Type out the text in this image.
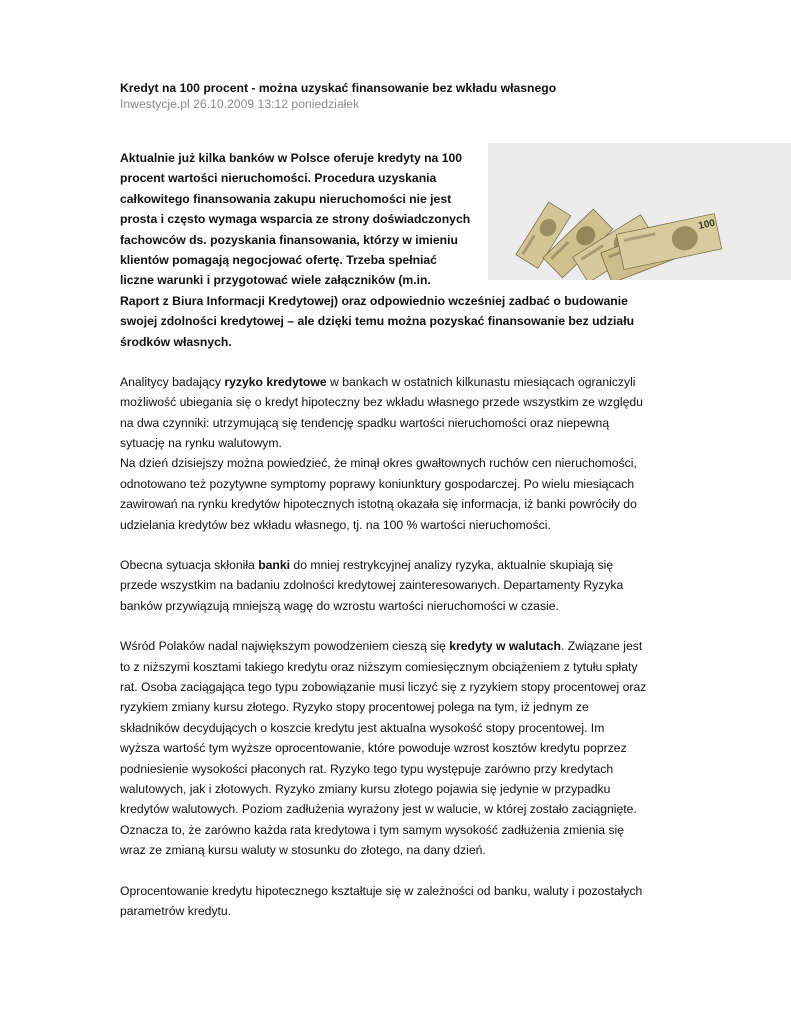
Kredyt na 100 procent - można uzyskać finansowanie bez wkładu własnego

Inwestycje.pl 26.10.2009 13:12 poniedziałek

100
Aktualnie już kilka banków w Polsce oferuje kredyty na 100
procent wartości nieruchomości. Procedura uzyskania
całkowitego finansowania zakupu nieruchomości nie jest
prosta i często wymaga wsparcia ze strony doświadczonych
fachowców ds. pozyskania finansowania, którzy w imieniu
klientów pomagają negocjować ofertę. Trzeba spełniać
liczne warunki i przygotować wiele załączników (m.in.
Raport z Biura Informacji Kredytowej) oraz odpowiednio wcześniej zadbać o budowanie
swojej zdolności kredytowej – ale dzięki temu można pozyskać finansowanie bez udziału
środków własnych.
Analitycy badający ryzyko kredytowe w bankach w ostatnich kilkunastu miesiącach ograniczyli
możliwość ubiegania się o kredyt hipoteczny bez wkładu własnego przede wszystkim ze względu
na dwa czynniki: utrzymującą się tendencję spadku wartości nieruchomości oraz niepewną
sytuację na rynku walutowym.
Na dzień dzisiejszy można powiedzieć, że minął okres gwałtownych ruchów cen nieruchomości,
odnotowano też pozytywne symptomy poprawy koniunktury gospodarczej. Po wielu miesiącach
zawirowań na rynku kredytów hipotecznych istotną okazała się informacja, iż banki powróciły do
udzielania kredytów bez wkładu własnego, tj. na 100 % wartości nieruchomości.
Obecna sytuacja skłoniła banki do mniej restrykcyjnej analizy ryzyka, aktualnie skupiają się
przede wszystkim na badaniu zdolności kredytowej zainteresowanych. Departamenty Ryzyka
banków przywiązują mniejszą wagę do wzrostu wartości nieruchomości w czasie.
Wśród Polaków nadal największym powodzeniem cieszą się kredyty w walutach. Związane jest
to z niższymi kosztami takiego kredytu oraz niższym comiesięcznym obciążeniem z tytułu spłaty
rat. Osoba zaciągająca tego typu zobowiązanie musi liczyć się z ryzykiem stopy procentowej oraz
ryzykiem zmiany kursu złotego. Ryzyko stopy procentowej polega na tym, iż jednym ze
składników decydujących o koszcie kredytu jest aktualna wysokość stopy procentowej. Im
wyższa wartość tym wyższe oprocentowanie, które powoduje wzrost kosztów kredytu poprzez
podniesienie wysokości płaconych rat. Ryzyko tego typu występuje zarówno przy kredytach
walutowych, jak i złotowych. Ryzyko zmiany kursu złotego pojawia się jedynie w przypadku
kredytów walutowych. Poziom zadłużenia wyrażony jest w walucie, w której zostało zaciągnięte.
Oznacza to, że zarówno każda rata kredytowa i tym samym wysokość zadłużenia zmienia się
wraz ze zmianą kursu waluty w stosunku do złotego, na dany dzień.
Oprocentowanie kredytu hipotecznego kształtuje się w zależności od banku, waluty i pozostałych
parametrów kredytu.
